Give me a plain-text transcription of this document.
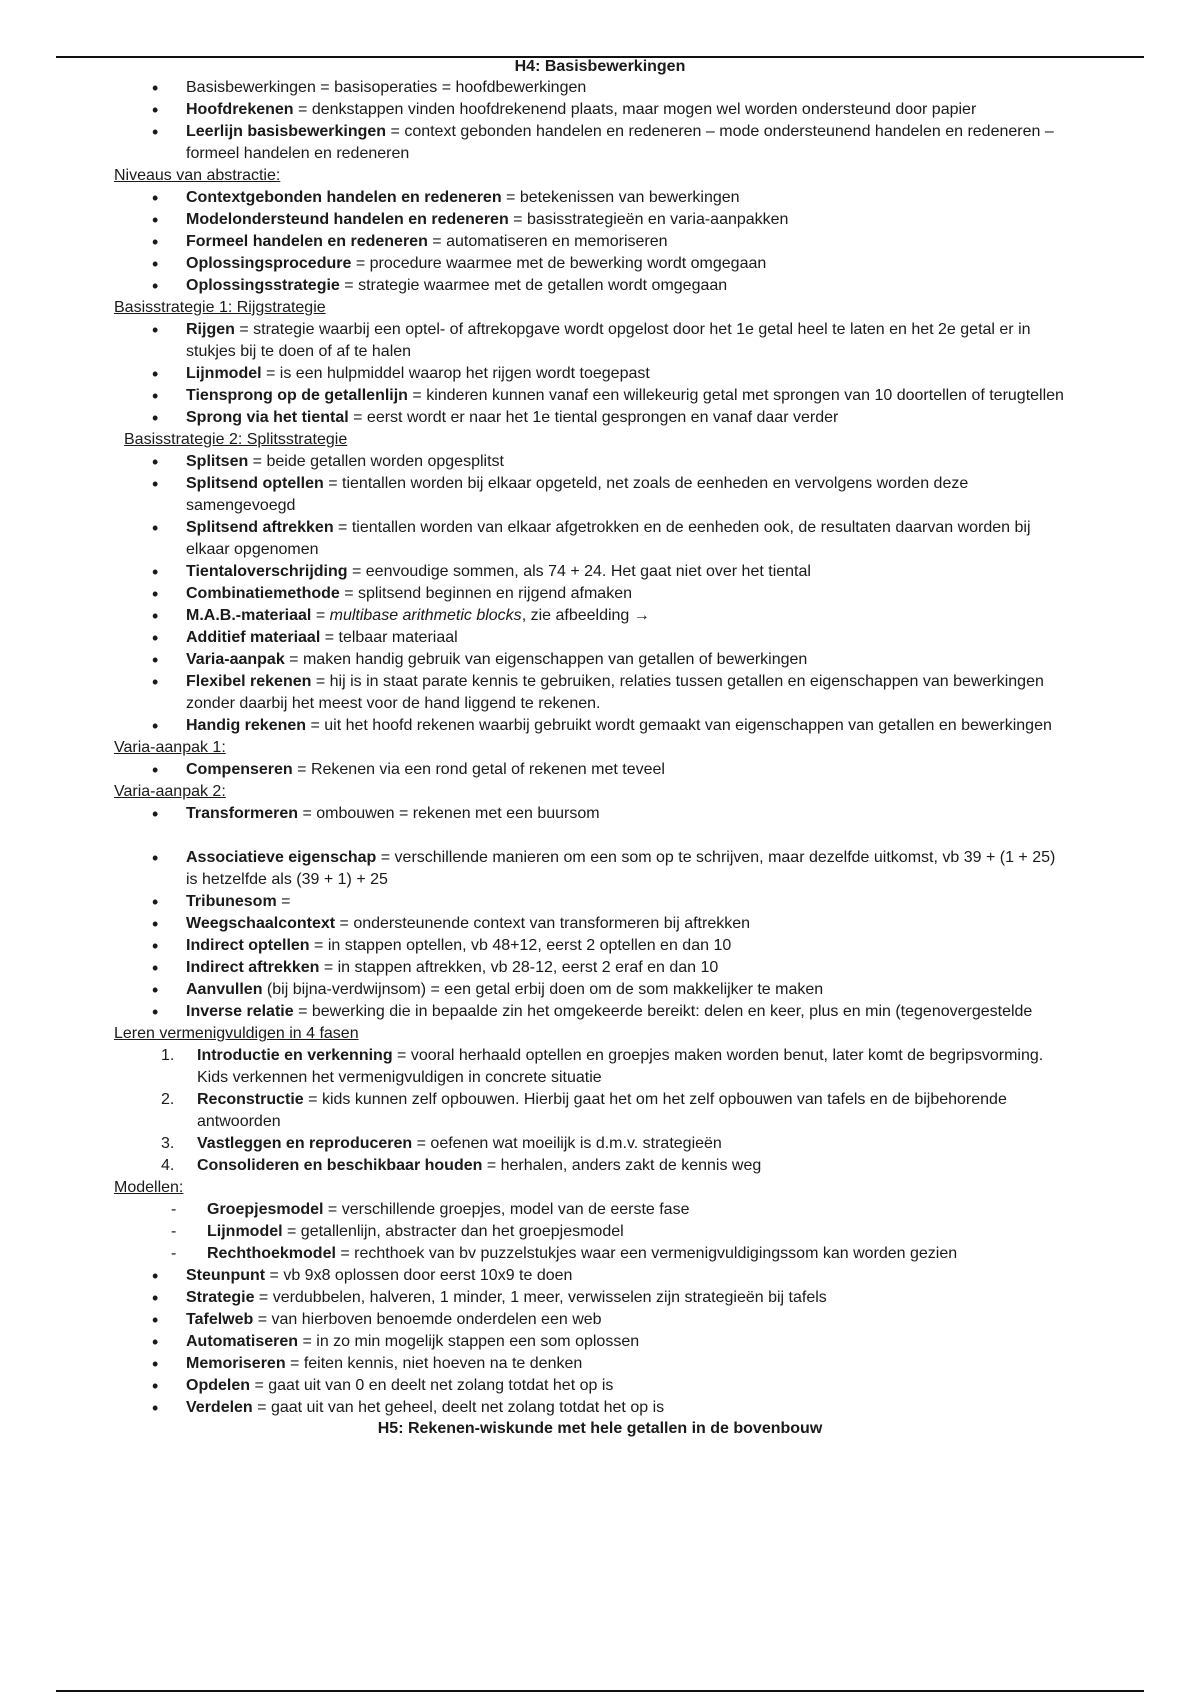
H4: Basisbewerkingen
• Basisbewerkingen = basisoperaties = hoofdbewerkingen
• Hoofdrekenen = denkstappen vinden hoofdrekenend plaats, maar mogen wel worden ondersteund door papier
• Leerlijn basisbewerkingen = context gebonden handelen en redeneren – mode ondersteunend handelen en redeneren – formeel handelen en redeneren
Niveaus van abstractie:
• Contextgebonden handelen en redeneren = betekenissen van bewerkingen
• Modelondersteund handelen en redeneren = basisstrategieën en varia-aanpakken
• Formeel handelen en redeneren = automatiseren en memoriseren
• Oplossingsprocedure = procedure waarmee met de bewerking wordt omgegaan
• Oplossingsstrategie = strategie waarmee met de getallen wordt omgegaan
Basisstrategie 1: Rijgstrategie
• Rijgen = strategie waarbij een optel- of aftrekopgave wordt opgelost door het 1e getal heel te laten en het 2e getal er in stukjes bij te doen of af te halen
• Lijnmodel = is een hulpmiddel waarop het rijgen wordt toegepast
• Tiensprong op de getallenlijn = kinderen kunnen vanaf een willekeurig getal met sprongen van 10 doortellen of terugtellen
• Sprong via het tiental = eerst wordt er naar het 1e tiental gesprongen en vanaf daar verder
Basisstrategie 2: Splitsstrategie
• Splitsen = beide getallen worden opgesplitst
• Splitsend optellen = tientallen worden bij elkaar opgeteld, net zoals de eenheden en vervolgens worden deze samengevoegd
• Splitsend aftrekken = tientallen worden van elkaar afgetrokken en de eenheden ook, de resultaten daarvan worden bij elkaar opgenomen
• Tientaloverschrijding = eenvoudige sommen, als 74 + 24. Het gaat niet over het tiental
• Combinatiemethode = splitsend beginnen en rijgend afmaken
• M.A.B.-materiaal = multibase arithmetic blocks, zie afbeelding →
• Additief materiaal = telbaar materiaal
• Varia-aanpak = maken handig gebruik van eigenschappen van getallen of bewerkingen
• Flexibel rekenen = hij is in staat parate kennis te gebruiken, relaties tussen getallen en eigenschappen van bewerkingen zonder daarbij het meest voor de hand liggend te rekenen.
• Handig rekenen = uit het hoofd rekenen waarbij gebruikt wordt gemaakt van eigenschappen van getallen en bewerkingen
Varia-aanpak 1:
• Compenseren = Rekenen via een rond getal of rekenen met teveel
Varia-aanpak 2:
• Transformeren = ombouwen = rekenen met een buursom
• Associatieve eigenschap = verschillende manieren om een som op te schrijven, maar dezelfde uitkomst, vb 39 + (1 + 25) is hetzelfde als (39 + 1) + 25
• Tribunesom =
• Weegschaalcontext = ondersteunende context van transformeren bij aftrekken
• Indirect optellen = in stappen optellen, vb 48+12, eerst 2 optellen en dan 10
• Indirect aftrekken = in stappen aftrekken, vb 28-12, eerst 2 eraf en dan 10
• Aanvullen (bij bijna-verdwijnsom) = een getal erbij doen om de som makkelijker te maken
• Inverse relatie = bewerking die in bepaalde zin het omgekeerde bereikt: delen en keer, plus en min (tegenovergestelde
Leren vermenigvuldigen in 4 fasen
1. Introductie en verkenning = vooral herhaald optellen en groepjes maken worden benut, later komt de begripsvorming. Kids verkennen het vermenigvuldigen in concrete situatie
2. Reconstructie = kids kunnen zelf opbouwen. Hierbij gaat het om het zelf opbouwen van tafels en de bijbehorende antwoorden
3. Vastleggen en reproduceren = oefenen wat moeilijk is d.m.v. strategieën
4. Consolideren en beschikbaar houden = herhalen, anders zakt de kennis weg
Modellen:
- Groepjesmodel = verschillende groepjes, model van de eerste fase
- Lijnmodel = getallenlijn, abstracter dan het groepjesmodel
- Rechthoekmodel = rechthoek van bv puzzelstukjes waar een vermenigvuldigingssom kan worden gezien
• Steunpunt = vb 9x8 oplossen door eerst 10x9 te doen
• Strategie = verdubbelen, halveren, 1 minder, 1 meer, verwisselen zijn strategieën bij tafels
• Tafelweb = van hierboven benoemde onderdelen een web
• Automatiseren = in zo min mogelijk stappen een som oplossen
• Memoriseren = feiten kennis, niet hoeven na te denken
• Opdelen = gaat uit van 0 en deelt net zolang totdat het op is
• Verdelen = gaat uit van het geheel, deelt net zolang totdat het op is
H5: Rekenen-wiskunde met hele getallen in de bovenbouw
